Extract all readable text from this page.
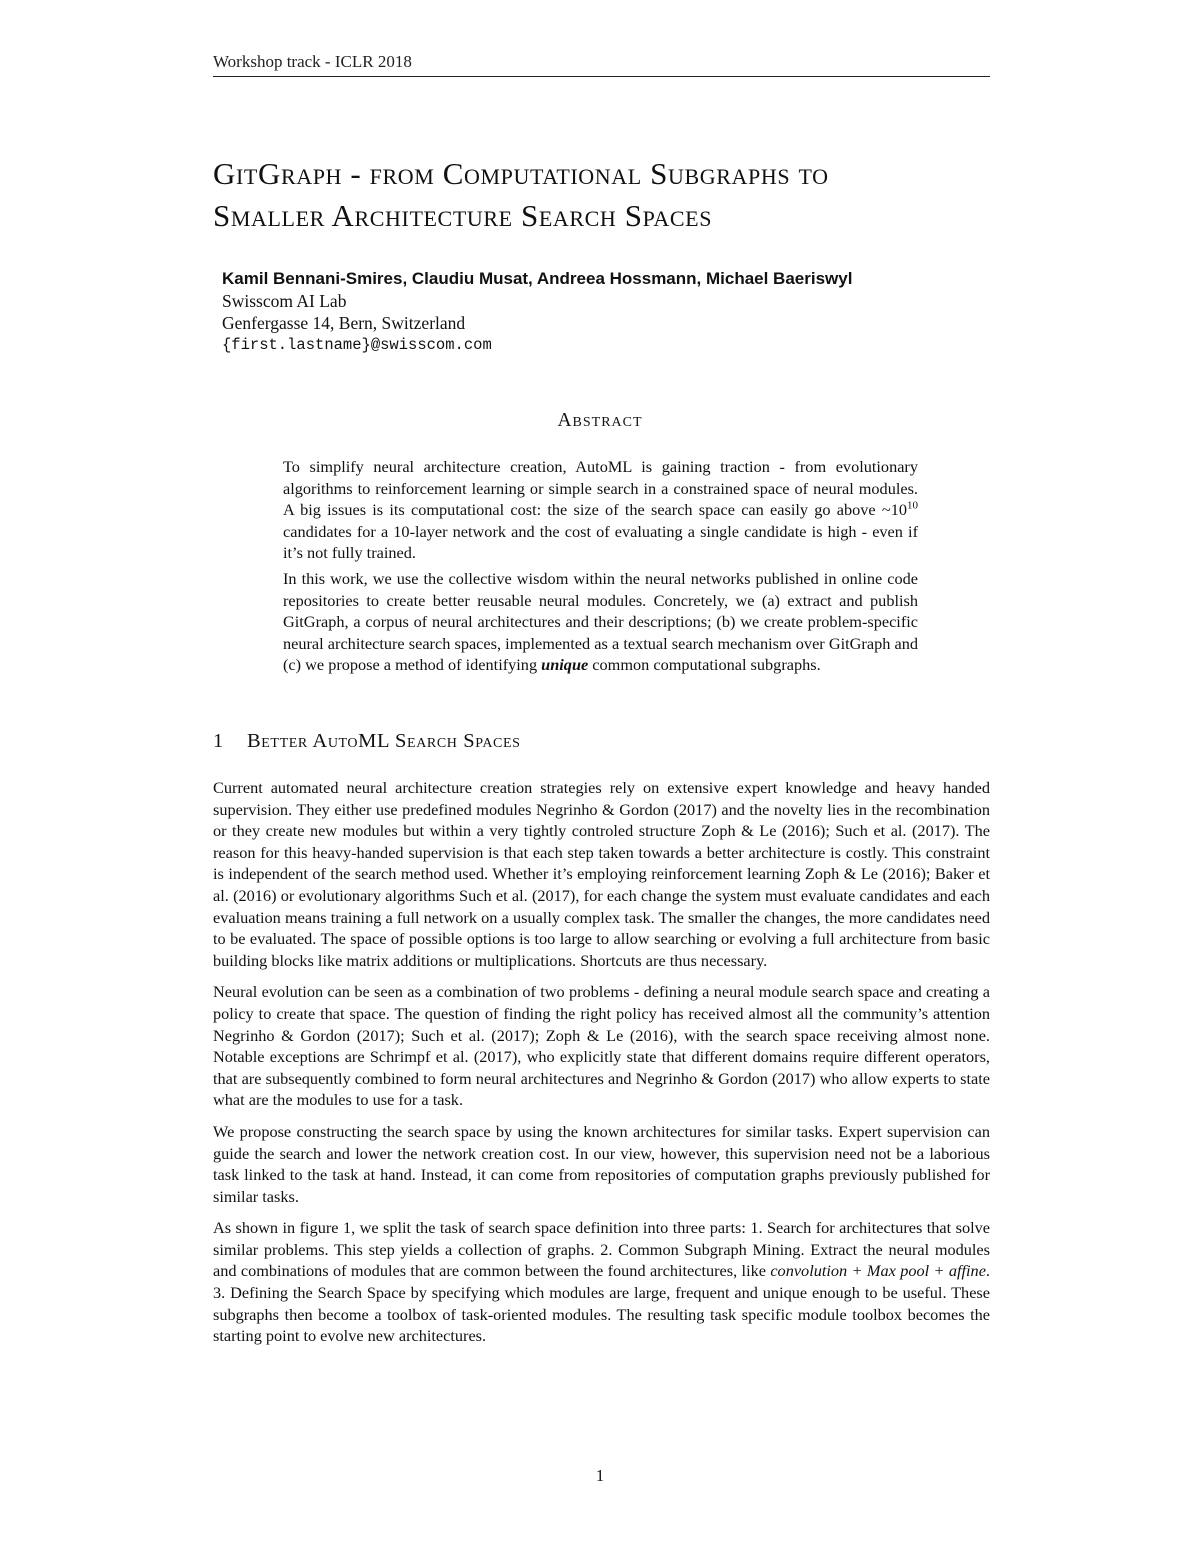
Workshop track - ICLR 2018
GitGraph - from Computational Subgraphs to
Smaller Architecture Search Spaces
Kamil Bennani-Smires, Claudiu Musat, Andreea Hossmann, Michael Baeriswyl
Swisscom AI Lab
Genfergasse 14, Bern, Switzerland
{first.lastname}@swisscom.com
Abstract

To simplify neural architecture creation, AutoML is gaining traction - from evolutionary algorithms to reinforcement learning or simple search in a constrained space of neural modules. A big issues is its computational cost: the size of the search space can easily go above $\sim 10^{10}$ candidates for a 10-layer network and the cost of evaluating a single candidate is high - even if it’s not fully trained.

In this work, we use the collective wisdom within the neural networks published in online code repositories to create better reusable neural modules. Concretely, we (a) extract and publish GitGraph, a corpus of neural architectures and their descriptions; (b) we create problem-specific neural architecture search spaces, implemented as a textual search mechanism over GitGraph and (c) we propose a method of identifying unique common computational subgraphs.

1 Better AutoML Search Spaces

Current automated neural architecture creation strategies rely on extensive expert knowledge and heavy handed supervision. They either use predefined modules Negrinho & Gordon (2017) and the novelty lies in the recombination or they create new modules but within a very tightly controled structure Zoph & Le (2016); Such et al. (2017). The reason for this heavy-handed supervision is that each step taken towards a better architecture is costly. This constraint is independent of the search method used. Whether it’s employing reinforcement learning Zoph & Le (2016); Baker et al. (2016) or evolutionary algorithms Such et al. (2017), for each change the system must evaluate candidates and each evaluation means training a full network on a usually complex task. The smaller the changes, the more candidates need to be evaluated. The space of possible options is too large to allow searching or evolving a full architecture from basic building blocks like matrix additions or multiplications. Shortcuts are thus necessary.

Neural evolution can be seen as a combination of two problems - defining a neural module search space and creating a policy to create that space. The question of finding the right policy has received almost all the community’s attention Negrinho & Gordon (2017); Such et al. (2017); Zoph & Le (2016), with the search space receiving almost none. Notable exceptions are Schrimpf et al. (2017), who explicitly state that different domains require different operators, that are subsequently combined to form neural architectures and Negrinho & Gordon (2017) who allow experts to state what are the modules to use for a task.

We propose constructing the search space by using the known architectures for similar tasks. Expert supervision can guide the search and lower the network creation cost. In our view, however, this supervision need not be a laborious task linked to the task at hand. Instead, it can come from repositories of computation graphs previously published for similar tasks.

As shown in figure 1, we split the task of search space definition into three parts: 1. Search for architectures that solve similar problems. This step yields a collection of graphs. 2. Common Subgraph Mining. Extract the neural modules and combinations of modules that are common between the found architectures, like convolution + Max pool + affine. 3. Defining the Search Space by specifying which modules are large, frequent and unique enough to be useful. These subgraphs then become a toolbox of task-oriented modules. The resulting task specific module toolbox becomes the starting point to evolve new architectures.

1
